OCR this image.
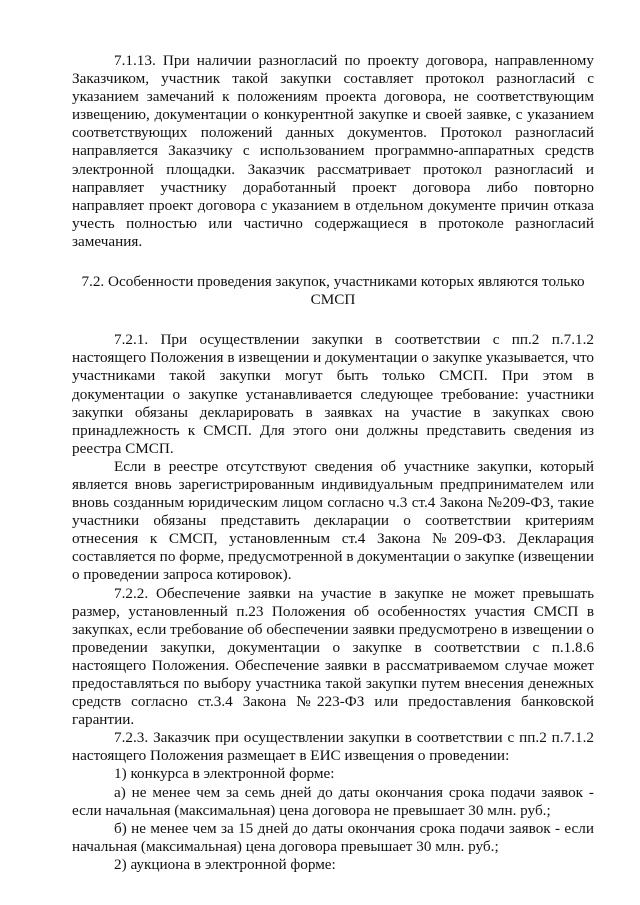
7.1.13. При наличии разногласий по проекту договора, направленному Заказчиком, участник такой закупки составляет протокол разногласий с указанием замечаний к положениям проекта договора, не соответствующим извещению, документации о конкурентной закупке и своей заявке, с указанием соответствующих положений данных документов. Протокол разногласий направляется Заказчику с использованием программно-аппаратных средств электронной площадки. Заказчик рассматривает протокол разногласий и направляет участнику доработанный проект договора либо повторно направляет проект договора с указанием в отдельном документе причин отказа учесть полностью или частично содержащиеся в протоколе разногласий замечания.

7.2. Особенности проведения закупок, участниками которых являются только СМСП

7.2.1. При осуществлении закупки в соответствии с пп.2 п.7.1.2 настоящего Положения в извещении и документации о закупке указывается, что участниками такой закупки могут быть только СМСП. При этом в документации о закупке устанавливается следующее требование: участники закупки обязаны декларировать в заявках на участие в закупках свою принадлежность к СМСП. Для этого они должны представить сведения из реестра СМСП.

Если в реестре отсутствуют сведения об участнике закупки, который является вновь зарегистрированным индивидуальным предпринимателем или вновь созданным юридическим лицом согласно ч.3 ст.4 Закона №209-ФЗ, такие участники обязаны представить декларации о соответствии критериям отнесения к СМСП, установленным ст.4 Закона №209-ФЗ. Декларация составляется по форме, предусмотренной в документации о закупке (извещении о проведении запроса котировок).

7.2.2. Обеспечение заявки на участие в закупке не может превышать размер, установленный п.23 Положения об особенностях участия СМСП в закупках, если требование об обеспечении заявки предусмотрено в извещении о проведении закупки, документации о закупке в соответствии с п.1.8.6 настоящего Положения. Обеспечение заявки в рассматриваемом случае может предоставляться по выбору участника такой закупки путем внесения денежных средств согласно ст.3.4 Закона №223-ФЗ или предоставления банковской гарантии.

7.2.3. Заказчик при осуществлении закупки в соответствии с пп.2 п.7.1.2 настоящего Положения размещает в ЕИС извещения о проведении:

1) конкурса в электронной форме:

а) не менее чем за семь дней до даты окончания срока подачи заявок - если начальная (максимальная) цена договора не превышает 30 млн. руб.;

б) не менее чем за 15 дней до даты окончания срока подачи заявок - если начальная (максимальная) цена договора превышает 30 млн. руб.;

2) аукциона в электронной форме:
